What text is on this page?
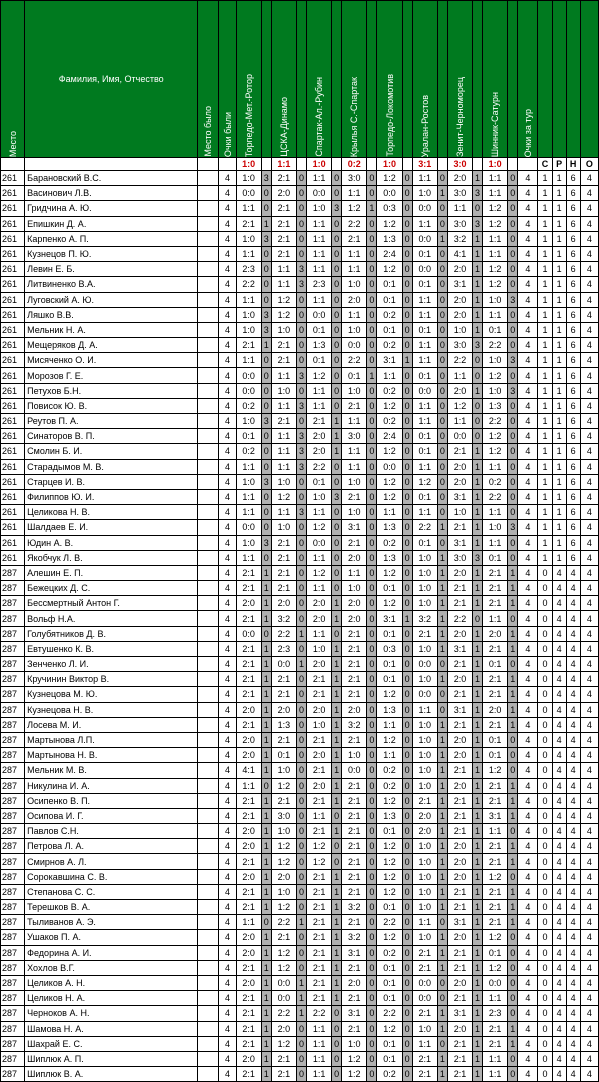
Место	Фамилия, Имя, Отчество	Место было	Очки были	Торпедо-Мет.-Ротор		ЦСКА-Динамо		Спартак-Ал.-Рубин		Крылья С.-Спартак		Торпедо-Локомотив		Уралан-Ростов		Зенит-Черноморец		Шинник-Сатурн		Очки за тур				

				1:0		1:1		1:0		0:2		1:0		3:1		3:0		1:0			С	Р	Н	О
261	Барановский В.С.		4	1:0	3	2:1	0	1:1	0	3:0	0	1:2	0	1:1	0	2:0	1	1:1	0	4	1	1	6	4
261	Васинович Л.В.		4	0:0	0	2:0	0	0:0	0	1:1	0	0:0	0	1:0	1	3:0	3	1:1	0	4	1	1	6	4
261	Гридчина А. Ю.		4	1:1	0	2:1	0	1:0	3	1:2	1	0:3	0	0:0	0	1:1	0	1:2	0	4	1	1	6	4
261	Епишкин Д. А.		4	2:1	1	2:1	0	1:1	0	2:2	0	1:2	0	1:1	0	3:0	3	1:2	0	4	1	1	6	4
261	Карпенко А. П.		4	1:0	3	2:1	0	1:1	0	2:1	0	1:3	0	0:0	1	3:2	1	1:1	0	4	1	1	6	4
261	Кузнецов П. Ю.		4	1:1	0	2:1	0	1:1	0	1:1	0	2:4	0	0:1	0	4:1	1	1:1	0	4	1	1	6	4
261	Левин Е. Б.		4	2:3	0	1:1	3	1:1	0	1:1	0	1:2	0	0:0	0	2:0	1	1:2	0	4	1	1	6	4
261	Литвиненко В.А.		4	2:2	0	1:1	3	2:3	0	1:0	0	0:1	0	0:1	0	3:1	1	1:2	0	4	1	1	6	4
261	Луговский А. Ю.		4	1:1	0	1:2	0	1:1	0	2:0	0	0:1	0	1:1	0	2:0	1	1:0	3	4	1	1	6	4
261	Ляшко В.В.		4	1:0	3	1:2	0	0:0	0	1:1	0	0:2	0	1:1	0	2:0	1	1:1	0	4	1	1	6	4
261	Мельник Н. А.		4	1:0	3	1:0	0	0:1	0	1:0	0	0:1	0	0:1	0	1:0	1	0:1	0	4	1	1	6	4
261	Мещеряков Д. А.		4	2:1	1	2:1	0	1:3	0	0:0	0	0:2	0	1:1	0	3:0	3	2:2	0	4	1	1	6	4
261	Мисяченко О. И.		4	1:1	0	2:1	0	0:1	0	2:2	0	3:1	1	1:1	0	2:2	0	1:0	3	4	1	1	6	4
261	Морозов Г. Е.		4	0:0	0	1:1	3	1:2	0	0:1	1	1:1	0	0:1	0	1:1	0	1:2	0	4	1	1	6	4
261	Петухов Б.Н.		4	0:0	0	1:0	0	1:1	0	1:0	0	0:2	0	0:0	0	2:0	1	1:0	3	4	1	1	6	4
261	Повисок Ю. В.		4	0:2	0	1:1	3	1:1	0	2:1	0	1:2	0	1:1	0	1:2	0	1:3	0	4	1	1	6	4
261	Реутов П. А.		4	1:0	3	2:1	0	2:1	1	1:1	0	0:2	0	1:1	0	1:1	0	2:2	0	4	1	1	6	4
261	Синаторов В. П.		4	0:1	0	1:1	3	2:0	1	3:0	0	2:4	0	0:1	0	0:0	0	1:2	0	4	1	1	6	4
261	Смолин Б. И.		4	0:2	0	1:1	3	2:0	1	1:1	0	1:2	0	0:1	0	2:1	1	1:2	0	4	1	1	6	4
261	Старадымов М. В.		4	1:1	0	1:1	3	2:2	0	1:1	0	0:0	0	1:1	0	2:0	1	1:1	0	4	1	1	6	4
261	Старцев И. В.		4	1:0	3	1:0	0	0:1	0	1:0	0	1:2	0	1:2	0	2:0	1	0:2	0	4	1	1	6	4
261	Филиппов Ю. И.		4	1:1	0	1:2	0	1:0	3	2:1	0	1:2	0	0:1	0	3:1	1	2:2	0	4	1	1	6	4
261	Целикова Н. В.		4	1:1	0	1:1	3	1:1	0	1:0	0	1:1	0	1:1	0	1:0	1	1:1	0	4	1	1	6	4
261	Шалдаев Е. И.		4	0:0	0	1:0	0	1:2	0	3:1	0	1:3	0	2:2	1	2:1	1	1:0	3	4	1	1	6	4
261	Юдин А. В.		4	1:0	3	2:1	0	0:0	0	2:1	0	0:2	0	0:1	0	3:1	1	1:1	0	4	1	1	6	4
261	Якобчук Л. В.		4	1:1	0	2:1	0	1:1	0	2:0	0	1:3	0	1:0	1	3:0	3	0:1	0	4	1	1	6	4
287	Алешин Е. П.		4	2:1	1	2:1	0	1:2	0	1:1	0	1:2	0	1:0	1	2:0	1	2:1	1	4	0	4	4	4
287	Бежецких Д. С.		4	2:1	1	2:1	0	1:1	0	1:0	0	0:1	0	1:0	1	2:1	1	2:1	1	4	0	4	4	4
287	Бессмертный Антон Г.		4	2:0	1	2:0	0	2:0	1	2:0	0	1:2	0	1:0	1	2:1	1	2:1	1	4	0	4	4	4
287	Вольф Н.А.		4	2:1	1	3:2	0	2:0	1	2:0	0	3:1	1	3:2	1	2:2	0	1:1	0	4	0	4	4	4
287	Голубятников Д. В.		4	0:0	0	2:2	1	1:1	0	2:1	0	0:1	0	2:1	1	2:0	1	2:0	1	4	0	4	4	4
287	Евтушенко К. В.		4	2:1	1	2:3	0	1:0	1	2:1	0	0:3	0	1:0	1	3:1	1	2:1	1	4	0	4	4	4
287	Зенченко Л. И.		4	2:1	1	0:0	1	2:0	1	2:1	0	0:1	0	0:0	0	2:1	1	0:1	0	4	0	4	4	4
287	Кручинин Виктор В.		4	2:1	1	2:1	0	2:1	1	2:1	0	0:1	0	1:0	1	2:0	1	2:1	1	4	0	4	4	4
287	Кузнецова М. Ю.		4	2:1	1	2:1	0	2:1	1	2:1	0	1:2	0	0:0	0	2:1	1	2:1	1	4	0	4	4	4
287	Кузнецова Н. В.		4	2:0	1	2:0	0	2:0	1	2:0	0	1:3	0	1:1	0	3:1	1	2:0	1	4	0	4	4	4
287	Лосева М. И.		4	2:1	1	1:3	0	1:0	1	3:2	0	1:1	0	1:0	1	2:1	1	2:1	1	4	0	4	4	4
287	Мартынова Л.П.		4	2:0	1	2:1	0	2:1	1	2:1	0	1:2	0	1:0	1	2:0	1	0:1	0	4	0	4	4	4
287	Мартынова Н. В.		4	2:0	1	0:1	0	2:0	1	1:0	0	1:1	0	1:0	1	2:0	1	0:1	0	4	0	4	4	4
287	Мельник М. В.		4	4:1	1	1:0	0	2:1	1	0:0	0	0:2	0	1:0	1	2:1	1	1:2	0	4	0	4	4	4
287	Никулина И. А.		4	1:1	0	1:2	0	2:0	1	2:1	0	0:2	0	1:0	1	2:0	1	2:1	1	4	0	4	4	4
287	Осипенко В. П.		4	2:1	1	2:1	0	2:1	1	2:1	0	1:2	0	2:1	1	2:1	1	2:1	1	4	0	4	4	4
287	Осипова И. Г.		4	2:1	1	3:0	0	1:1	0	2:1	0	1:3	0	2:0	1	2:1	1	3:1	1	4	0	4	4	4
287	Павлов С.Н.		4	2:0	1	1:0	0	2:1	1	2:1	0	0:1	0	2:0	1	2:1	1	1:1	0	4	0	4	4	4
287	Петрова Л. А.		4	2:0	1	1:2	0	1:2	0	2:1	0	1:2	0	1:0	1	2:0	1	2:1	1	4	0	4	4	4
287	Смирнов А. Л.		4	2:1	1	1:2	0	1:2	0	2:1	0	1:2	0	1:0	1	2:0	1	2:1	1	4	0	4	4	4
287	Сорокавшина С. В.		4	2:0	1	2:0	0	2:1	1	2:1	0	1:2	0	1:0	1	2:0	1	1:2	0	4	0	4	4	4
287	Степанова С. С.		4	2:1	1	1:0	0	2:1	1	2:1	0	1:2	0	1:0	1	2:1	1	2:1	1	4	0	4	4	4
287	Терешков В. А.		4	2:1	1	1:2	0	2:1	1	3:2	0	0:1	0	1:0	1	2:1	1	2:1	1	4	0	4	4	4
287	Тыливанов А. Э.		4	1:1	0	2:2	1	2:1	1	2:1	0	2:2	0	1:1	0	3:1	1	2:1	1	4	0	4	4	4
287	Ушаков П. А.		4	2:0	1	2:1	0	2:1	1	3:2	0	1:2	0	1:0	1	2:0	1	1:2	0	4	0	4	4	4
287	Федорина А. И.		4	2:0	1	1:2	0	2:1	1	3:1	0	0:2	0	2:1	1	2:1	1	0:1	0	4	0	4	4	4
287	Хохлов В.Г.		4	2:1	1	1:2	0	2:1	1	2:1	0	0:1	0	2:1	1	2:1	1	1:2	0	4	0	4	4	4
287	Целиков А. Н.		4	2:0	1	0:0	1	2:1	1	2:0	0	0:1	0	0:0	0	2:0	1	0:0	0	4	0	4	4	4
287	Целиков Н. А.		4	2:1	1	0:0	1	2:1	1	2:1	0	0:1	0	0:0	0	2:1	1	1:1	0	4	0	4	4	4
287	Черноков А. Н.		4	2:1	1	2:2	1	2:2	0	3:1	0	2:2	0	2:1	1	3:1	1	2:3	0	4	0	4	4	4
287	Шамова Н. А.		4	2:1	1	2:0	0	1:1	0	2:1	0	1:2	0	1:0	1	2:0	1	2:1	1	4	0	4	4	4
287	Шахрай Е. С.		4	2:1	1	1:2	0	1:1	0	1:0	0	0:1	0	1:1	0	2:1	1	2:1	1	4	0	4	4	4
287	Шиплюк А. П.		4	2:0	1	2:1	0	1:1	0	1:2	0	0:1	0	2:1	1	2:1	1	1:1	0	4	0	4	4	4
287	Шиплюк В. А.		4	2:1	1	2:1	0	1:1	0	1:2	0	0:2	0	2:1	1	2:1	1	1:1	0	4	0	4	4	4
